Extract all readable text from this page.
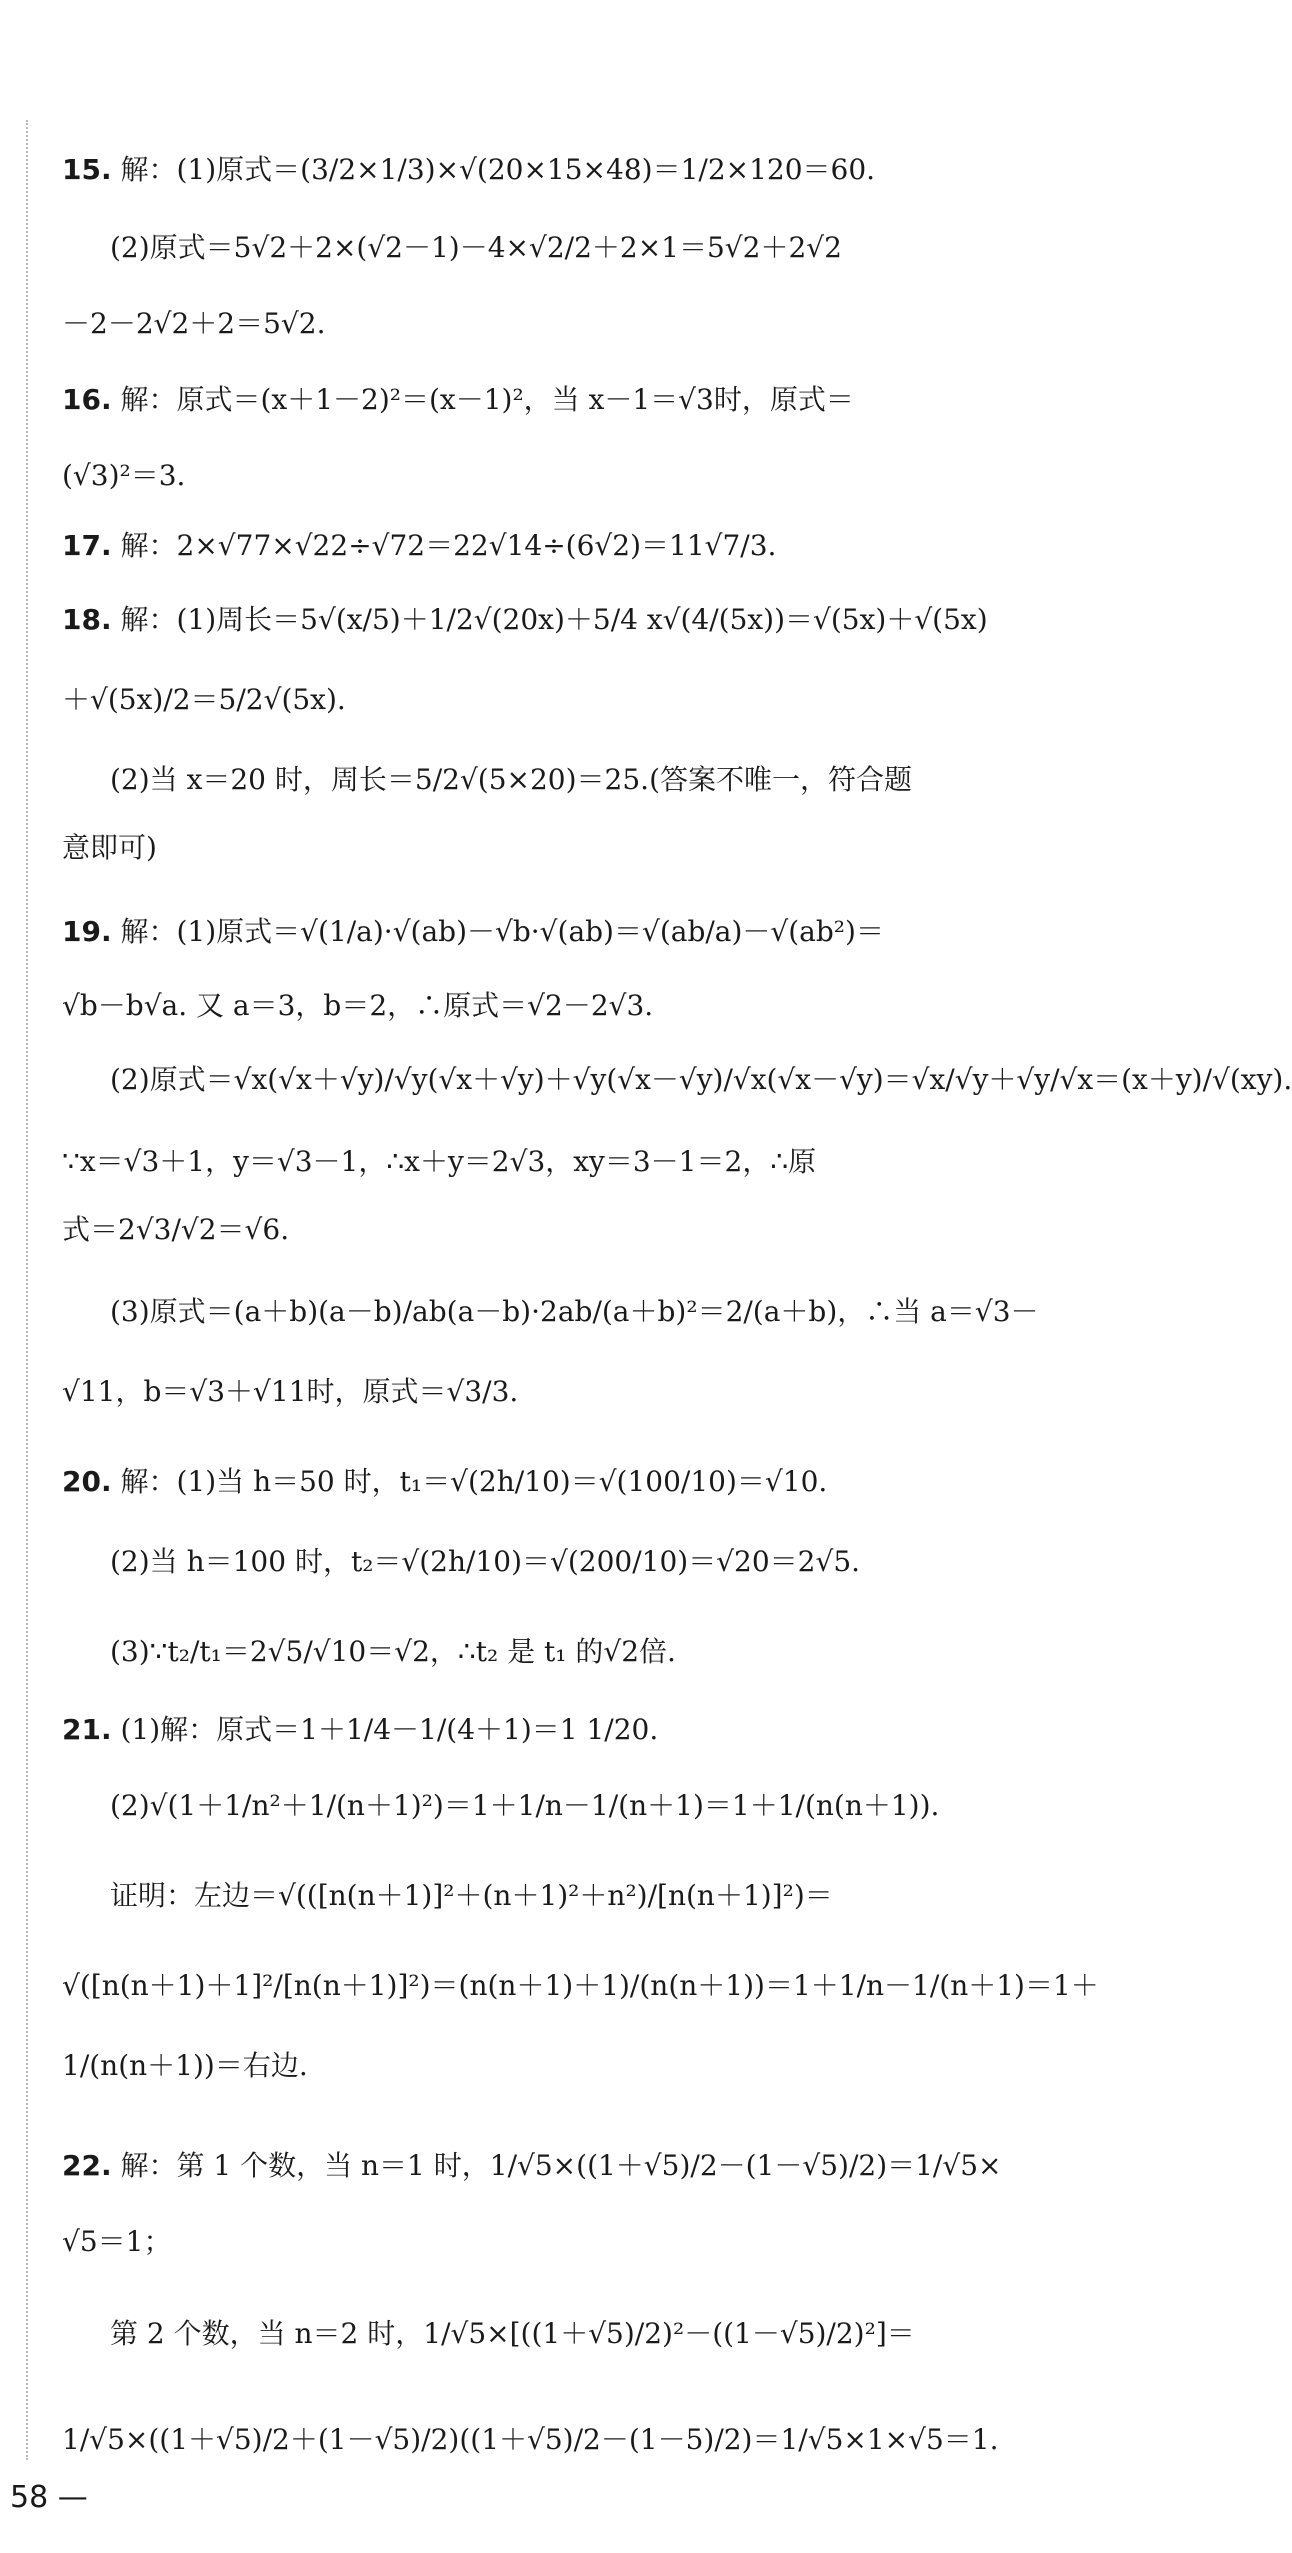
15. 解：(1)原式＝(3/2×1/3)×√(20×15×48)＝1/2×120＝60.
(2)原式＝5√2＋2×(√2－1)－4×√2/2＋2×1＝5√2＋2√2
－2－2√2＋2＝5√2.
16. 解：原式＝(x＋1－2)²＝(x－1)²，当 x－1＝√3时，原式＝
(√3)²＝3.
17. 解：2×√77×√22÷√72＝22√14÷(6√2)＝11√7/3.
18. 解：(1)周长＝5√(x/5)＋1/2√(20x)＋5/4 x√(4/(5x))＝√(5x)＋√(5x)
＋√(5x)/2＝5/2√(5x).
(2)当 x＝20 时，周长＝5/2√(5×20)＝25.(答案不唯一，符合题
意即可)
19. 解：(1)原式＝√(1/a)·√(ab)－√b·√(ab)＝√(ab/a)－√(ab²)＝
√b－b√a. 又 a＝3，b＝2，∴原式＝√2－2√3.
(2)原式＝√x(√x＋√y)/√y(√x＋√y)＋√y(√x－√y)/√x(√x－√y)＝√x/√y＋√y/√x＝(x＋y)/√(xy).
∵x＝√3＋1，y＝√3－1，∴x＋y＝2√3，xy＝3－1＝2，∴原
式＝2√3/√2＝√6.
(3)原式＝(a＋b)(a－b)/ab(a－b)·2ab/(a＋b)²＝2/(a＋b)，∴当 a＝√3－
√11，b＝√3＋√11时，原式＝√3/3.
20. 解：(1)当 h＝50 时，t₁＝√(2h/10)＝√(100/10)＝√10.
(2)当 h＝100 时，t₂＝√(2h/10)＝√(200/10)＝√20＝2√5.
(3)∵t₂/t₁＝2√5/√10＝√2，∴t₂ 是 t₁ 的√2倍.
21. (1)解：原式＝1＋1/4－1/(4＋1)＝1 1/20.
(2)√(1＋1/n²＋1/(n＋1)²)＝1＋1/n－1/(n＋1)＝1＋1/(n(n＋1)).
证明：左边＝√(([n(n＋1)]²＋(n＋1)²＋n²)/[n(n＋1)]²)＝
√([n(n＋1)＋1]²/[n(n＋1)]²)＝(n(n＋1)＋1)/(n(n＋1))＝1＋1/n－1/(n＋1)＝1＋
1/(n(n＋1))＝右边.
22. 解：第 1 个数，当 n＝1 时，1/√5×((1＋√5)/2－(1－√5)/2)＝1/√5×
√5＝1；
第 2 个数，当 n＝2 时，1/√5×[((1＋√5)/2)²－((1－√5)/2)²]＝
1/√5×((1＋√5)/2＋(1－√5)/2)((1＋√5)/2－(1－5)/2)＝1/√5×1×√5＝1.
58 —
